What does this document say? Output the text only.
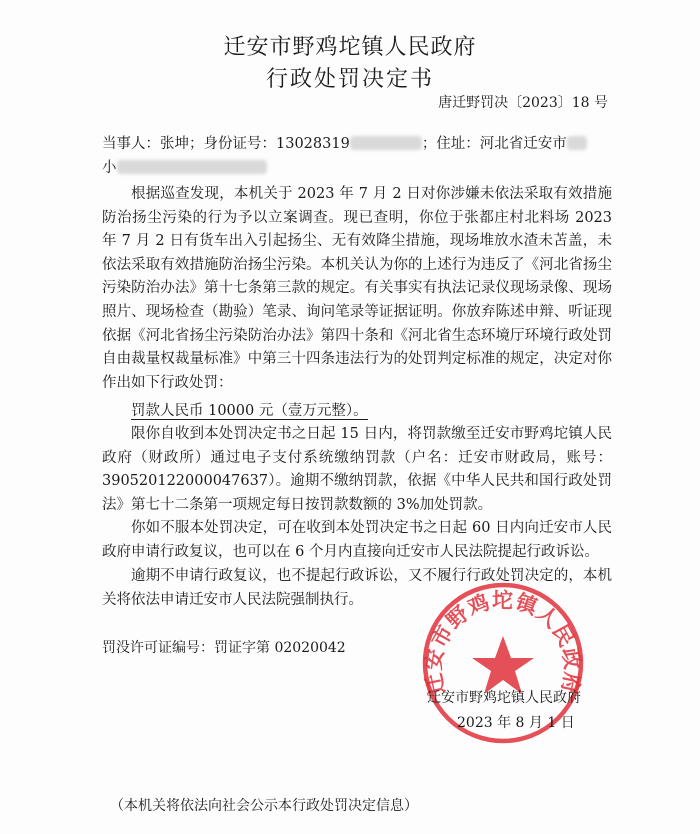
迁安市野鸡坨镇人民政府
行政处罚决定书
唐迁野罚决〔2023〕18 号
当事人：张坤；身份证号：13028319	；住址：河北省迁安市
小
根据巡查发现，本机关于 2023 年 7 月 2 日对你涉嫌未依法采取有效措施防治扬尘污染的行为予以立案调查。现已查明，你位于张都庄村北料场 2023 年 7 月 2 日有货车出入引起扬尘、无有效降尘措施，现场堆放水渣未苫盖，未依法采取有效措施防治扬尘污染。本机关认为你的上述行为违反了《河北省扬尘污染防治办法》第十七条第三款的规定。有关事实有执法记录仪现场录像、现场照片、现场检查（勘验）笔录、询问笔录等证据证明。你放弃陈述申辩、听证现依据《河北省扬尘污染防治办法》第四十条和《河北省生态环境厅环境行政处罚自由裁量权裁量标准》中第三十四条违法行为的处罚判定标准的规定，决定对你作出如下行政处罚：
罚款人民币 10000 元（壹万元整）。
限你自收到本处罚决定书之日起 15 日内，将罚款缴至迁安市野鸡坨镇人民政府（财政所）通过电子支付系统缴纳罚款（户名：迁安市财政局，账号：390520122000047637）。逾期不缴纳罚款，依据《中华人民共和国行政处罚法》第七十二条第一项规定每日按罚款数额的 3%加处罚款。
你如不服本处罚决定，可在收到本处罚决定书之日起 60 日内向迁安市人民政府申请行政复议，也可以在 6 个月内直接向迁安市人民法院提起行政诉讼。
逾期不申请行政复议，也不提起行政诉讼，又不履行行政处罚决定的，本机关将依法申请迁安市人民法院强制执行。
罚没许可证编号：罚证字第 02020042
迁安市野鸡坨镇人民政府
迁安市野鸡坨镇人民政府
2023 年 8 月 1 日
（本机关将依法向社会公示本行政处罚决定信息）
